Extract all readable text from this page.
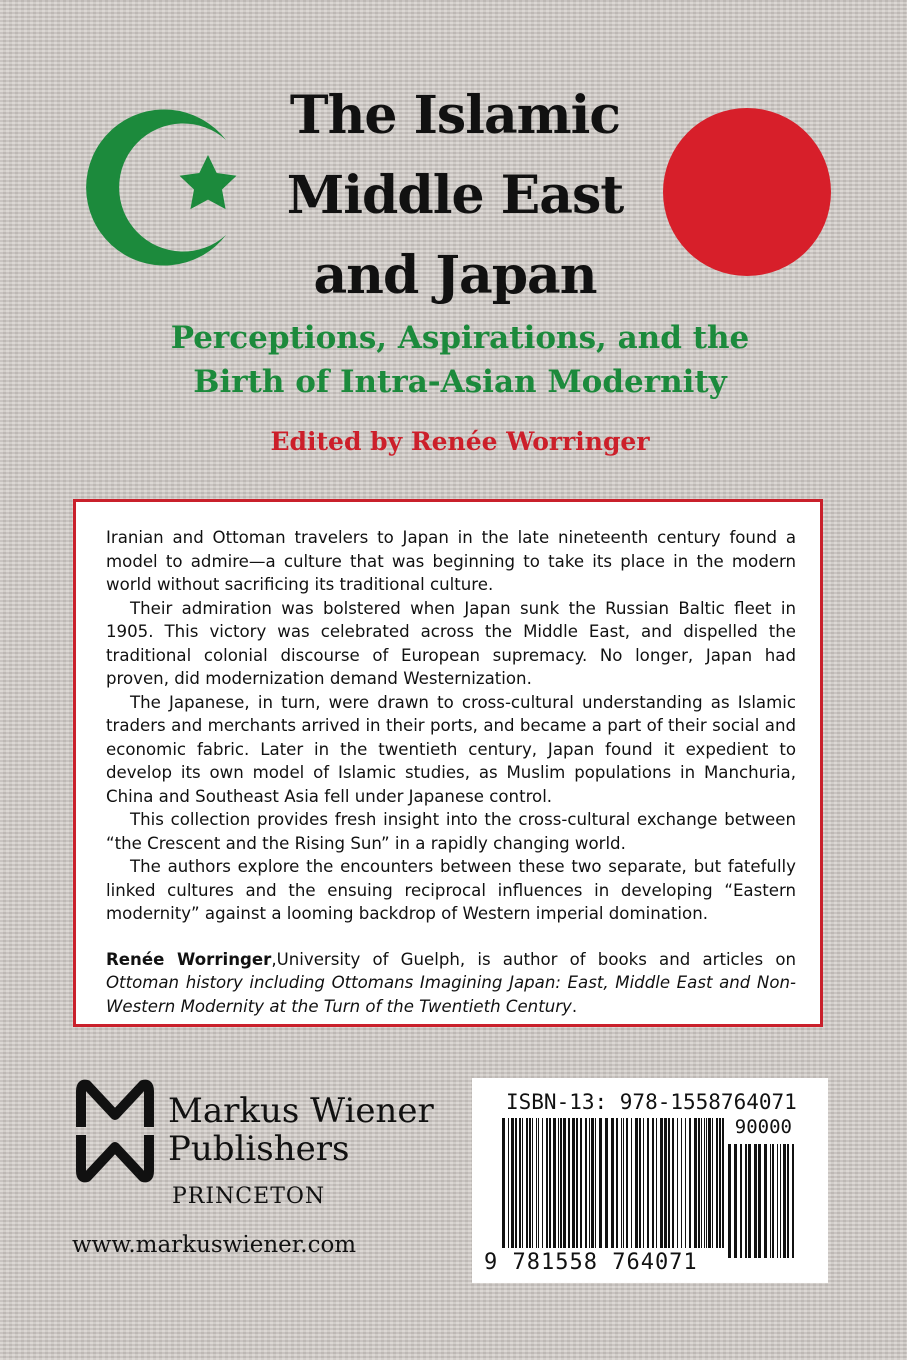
The Islamic
Middle East
and Japan
Perceptions, Aspirations, and the
Birth of Intra-Asian Modernity
Edited by Renée Worringer

Iranian and Ottoman travelers to Japan in the late nineteenth century found a model to admire—a culture that was beginning to take its place in the modern world without sacrificing its traditional culture.

Their admiration was bolstered when Japan sunk the Russian Baltic fleet in 1905. This victory was celebrated across the Middle East, and dispelled the traditional colonial discourse of European supremacy. No longer, Japan had proven, did modernization demand Westernization.

The Japanese, in turn, were drawn to cross-cultural understanding as Islamic traders and merchants arrived in their ports, and became a part of their social and economic fabric. Later in the twentieth century, Japan found it expedient to develop its own model of Islamic studies, as Muslim populations in Manchuria, China and Southeast Asia fell under Japanese control.

This collection provides fresh insight into the cross-cultural exchange between “the Crescent and the Rising Sun” in a rapidly changing world.

The authors explore the encounters between these two separate, but fatefully linked cultures and the ensuing reciprocal influences in developing “Eastern modernity” against a looming backdrop of Western imperial domination.

Renée Worringer,University of Guelph, is author of books and articles on Ottoman history including Ottomans Imagining Japan: East, Middle East and Non-Western Modernity at the Turn of the Twentieth Century.

Markus Wiener
Publishers
PRINCETON
www.markuswiener.com
ISBN-13: 978-1558764071
90000
9 781558 764071
